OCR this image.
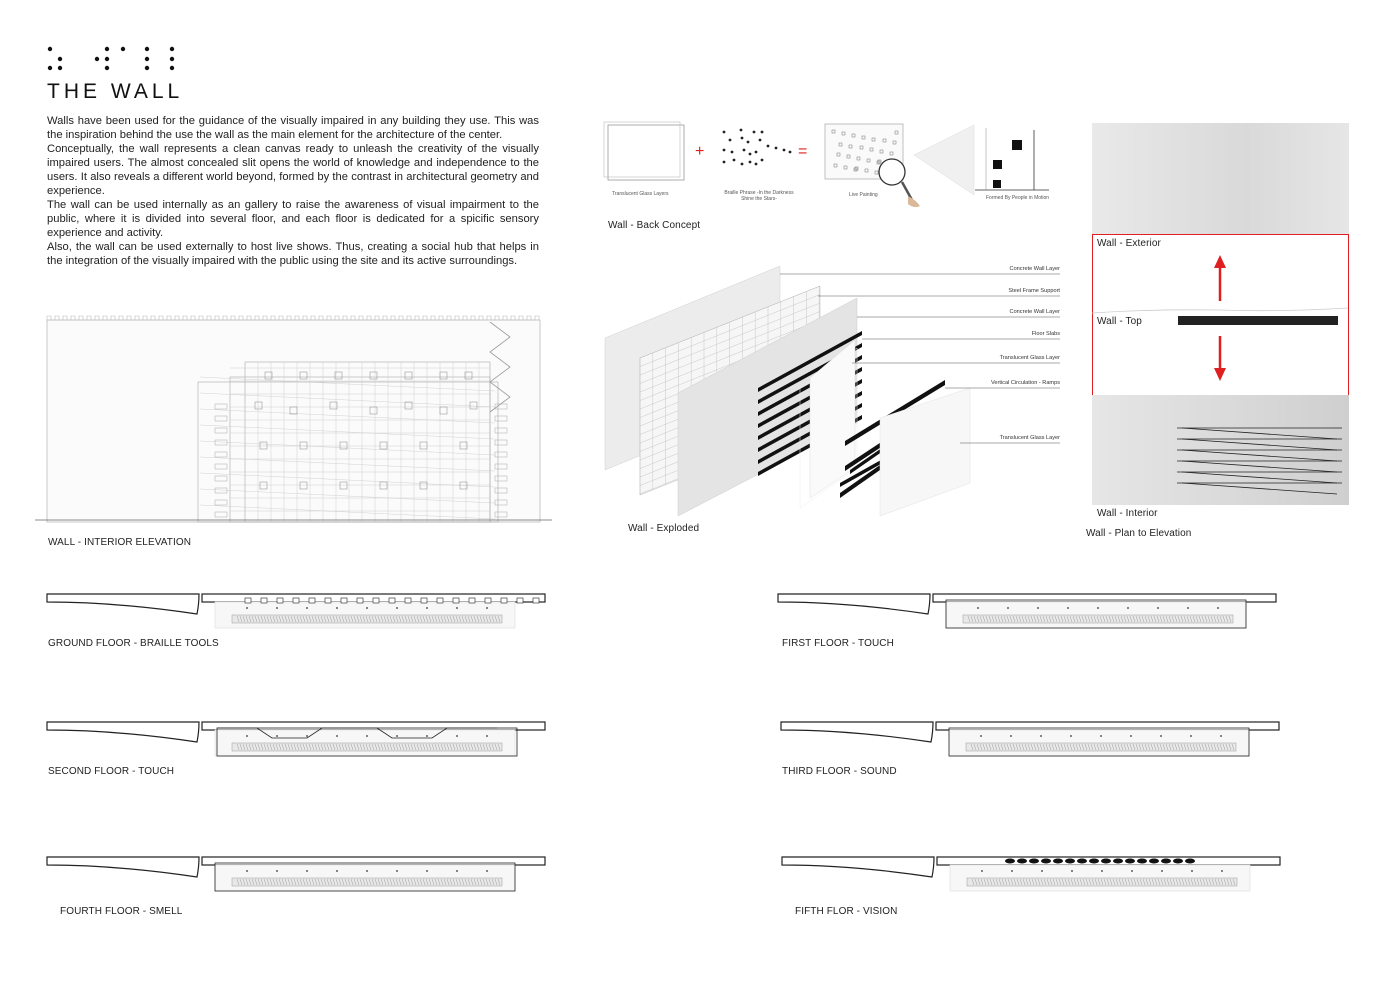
THE WALL

Walls have been used for the guidance of the visually impaired in any building they use. This was the inspiration behind the use the wall as the main element for the architecture of the center.

Conceptually, the wall represents a clean canvas ready to unleash the creativity of the visually impaired users. The almost concealed slit opens the world of knowledge and independence to the users. It also reveals a different world beyond, formed by the contrast in architectural geometry and experience.

The wall can be used internally as an gallery to raise the awareness of visual impairment to the public, where it is divided into several floor, and each floor is dedicated for a spicific sensory experience and activity.

Also, the wall can be used externally to host live shows. Thus, creating a social hub that helps in the integration of the visually impaired with the public using the site and its active surroundings.

WALL - INTERIOR ELEVATION
+	=
Translucent Glass Layers	Braille Phrase -In the Darkness
Shine the Stars-
Live Painting	Formed By People in Motion
Wall - Back Concept
Concrete Wall Layer
Steel Frame Support
Concrete Wall Layer
Floor Slabs
Translucent Glass Layer
Vertical Circulation - Ramps
Translucent Glass Layer
Wall - Exploded
Wall - Exterior
Wall - Top
Wall - Interior
Wall - Plan to Elevation
GROUND FLOOR - BRAILLE TOOLS	FIRST FLOOR - TOUCH
SECOND FLOOR - TOUCH	THIRD FLOOR - SOUND
FOURTH FLOOR - SMELL	FIFTH FLOR - VISION
